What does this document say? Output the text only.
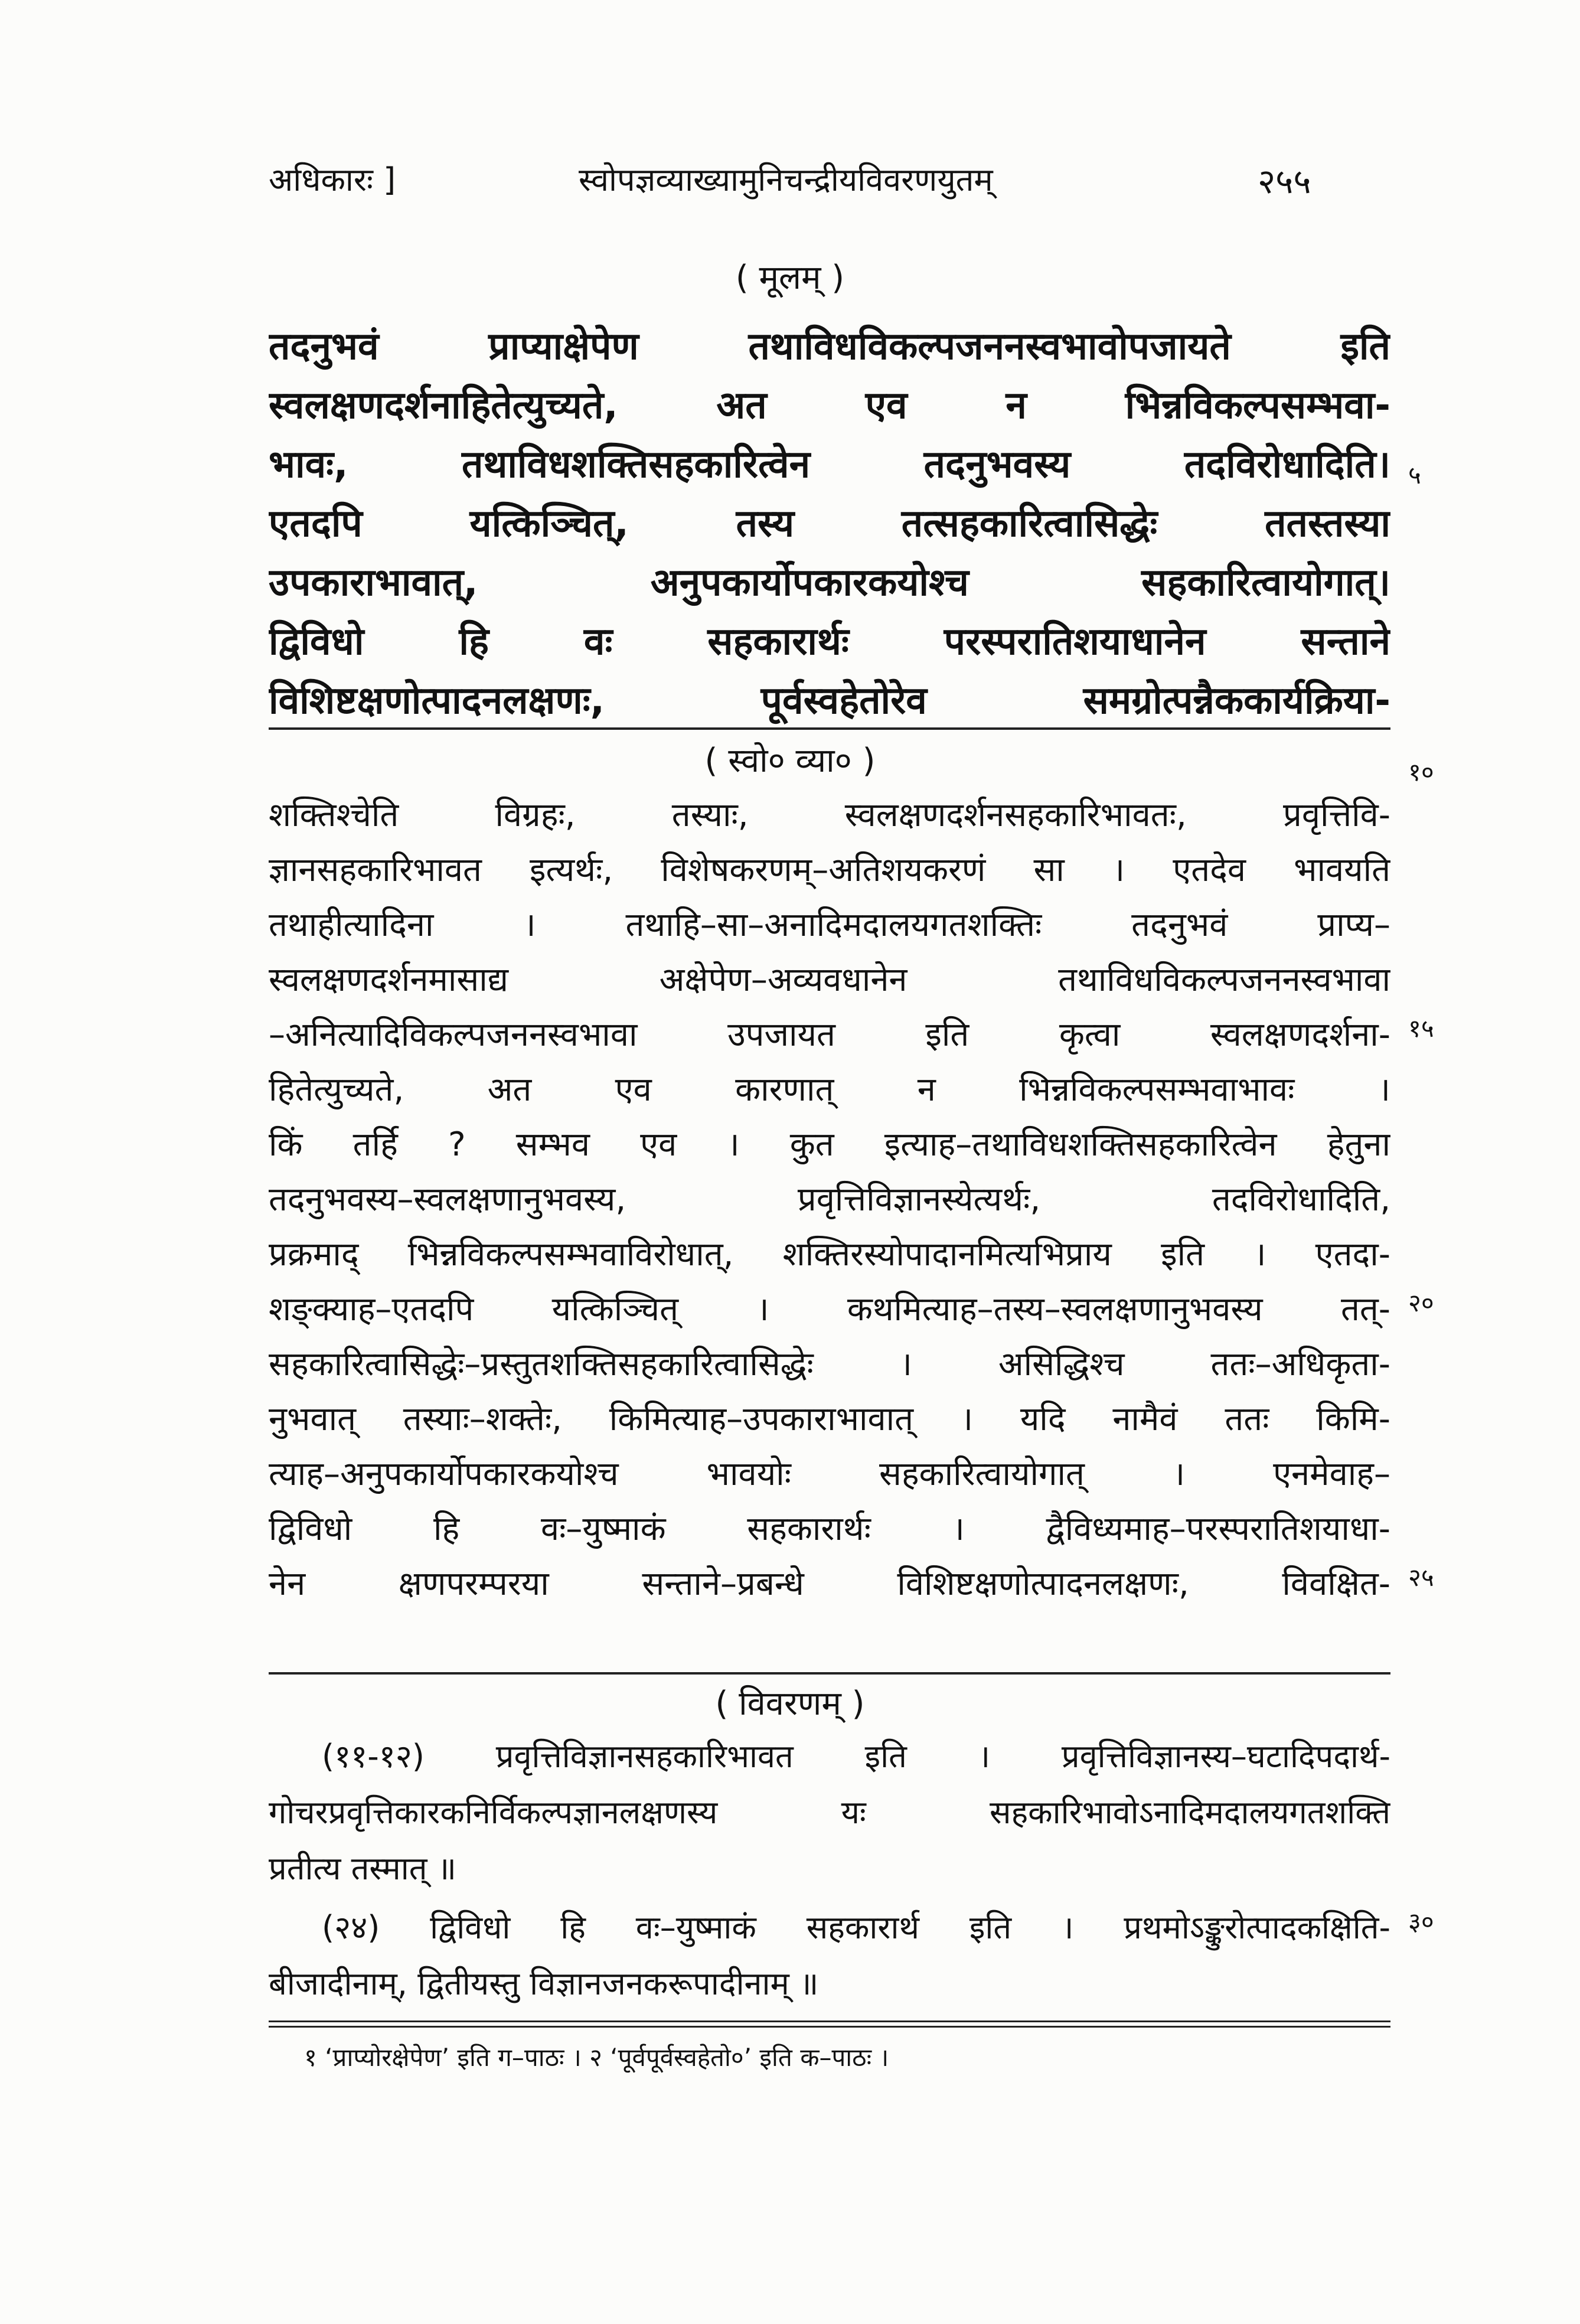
अधिकारः ]	स्वोपज्ञव्याख्यामुनिचन्द्रीयविवरणयुतम्	२५५
( मूलम् )
तदनुभवं प्राप्याक्षेपेण तथाविधविकल्पजननस्वभावोपजायते इति
स्वलक्षणदर्शनाहितेत्युच्यते, अत एव न भिन्नविकल्पसम्भवा-
भावः, तथाविधशक्तिसहकारित्वेन तदनुभवस्य तदविरोधादिति।
एतदपि यत्किञ्चित्, तस्य तत्सहकारित्वासिद्धेः ततस्तस्या
उपकाराभावात्, अनुपकार्योपकारकयोश्च सहकारित्वायोगात्।
द्विविधो हि वः सहकारार्थः परस्परातिशयाधानेन सन्ताने
विशिष्टक्षणोत्पादनलक्षणः, पूर्वस्वहेतोरेव समग्रोत्पन्नैककार्यक्रिया-
( स्वो० व्या० )
शक्तिश्चेति विग्रहः, तस्याः, स्वलक्षणदर्शनसहकारिभावतः, प्रवृत्तिवि-
ज्ञानसहकारिभावत इत्यर्थः, विशेषकरणम्–अतिशयकरणं सा । एतदेव भावयति
तथाहीत्यादिना । तथाहि–सा–अनादिमदालयगतशक्तिः तदनुभवं प्राप्य–
स्वलक्षणदर्शनमासाद्य अक्षेपेण–अव्यवधानेन तथाविधविकल्पजननस्वभावा
–अनित्यादिविकल्पजननस्वभावा उपजायत इति कृत्वा स्वलक्षणदर्शना-
हितेत्युच्यते, अत एव कारणात् न भिन्नविकल्पसम्भवाभावः ।
किं तर्हि ? सम्भव एव । कुत इत्याह–तथाविधशक्तिसहकारित्वेन हेतुना
तदनुभवस्य–स्वलक्षणानुभवस्य, प्रवृत्तिविज्ञानस्येत्यर्थः, तदविरोधादिति,
प्रक्रमाद् भिन्नविकल्पसम्भवाविरोधात्, शक्तिरस्योपादानमित्यभिप्राय इति । एतदा-
शङ्क्याह–एतदपि यत्किञ्चित् । कथमित्याह–तस्य–स्वलक्षणानुभवस्य तत्-
सहकारित्वासिद्धेः–प्रस्तुतशक्तिसहकारित्वासिद्धेः । असिद्धिश्च ततः–अधिकृता-
नुभवात् तस्याः–शक्तेः, किमित्याह–उपकाराभावात् । यदि नामैवं ततः किमि-
त्याह–अनुपकार्योपकारकयोश्च भावयोः सहकारित्वायोगात् । एनमेवाह–
द्विविधो हि वः–युष्माकं सहकारार्थः । द्वैविध्यमाह–परस्परातिशयाधा-
नेन क्षणपरम्परया सन्ताने–प्रबन्धे विशिष्टक्षणोत्पादनलक्षणः, विवक्षित-
( विवरणम् )
(११-१२) प्रवृत्तिविज्ञानसहकारिभावत इति । प्रवृत्तिविज्ञानस्य–घटादिपदार्थ-
गोचरप्रवृत्तिकारकनिर्विकल्पज्ञानलक्षणस्य यः सहकारिभावोऽनादिमदालयगतशक्ति
प्रतीत्य तस्मात् ॥
(२४) द्विविधो हि वः–युष्माकं सहकारार्थ इति । प्रथमोऽङ्कुरोत्पादकक्षिति-
बीजादीनाम्, द्वितीयस्तु विज्ञानजनकरूपादीनाम् ॥
१ ‘प्राप्योरक्षेपेण’ इति ग–पाठः । २ ‘पूर्वपूर्वस्वहेतो०’ इति क–पाठः ।
५
१०
१५
२०
२५
३०
